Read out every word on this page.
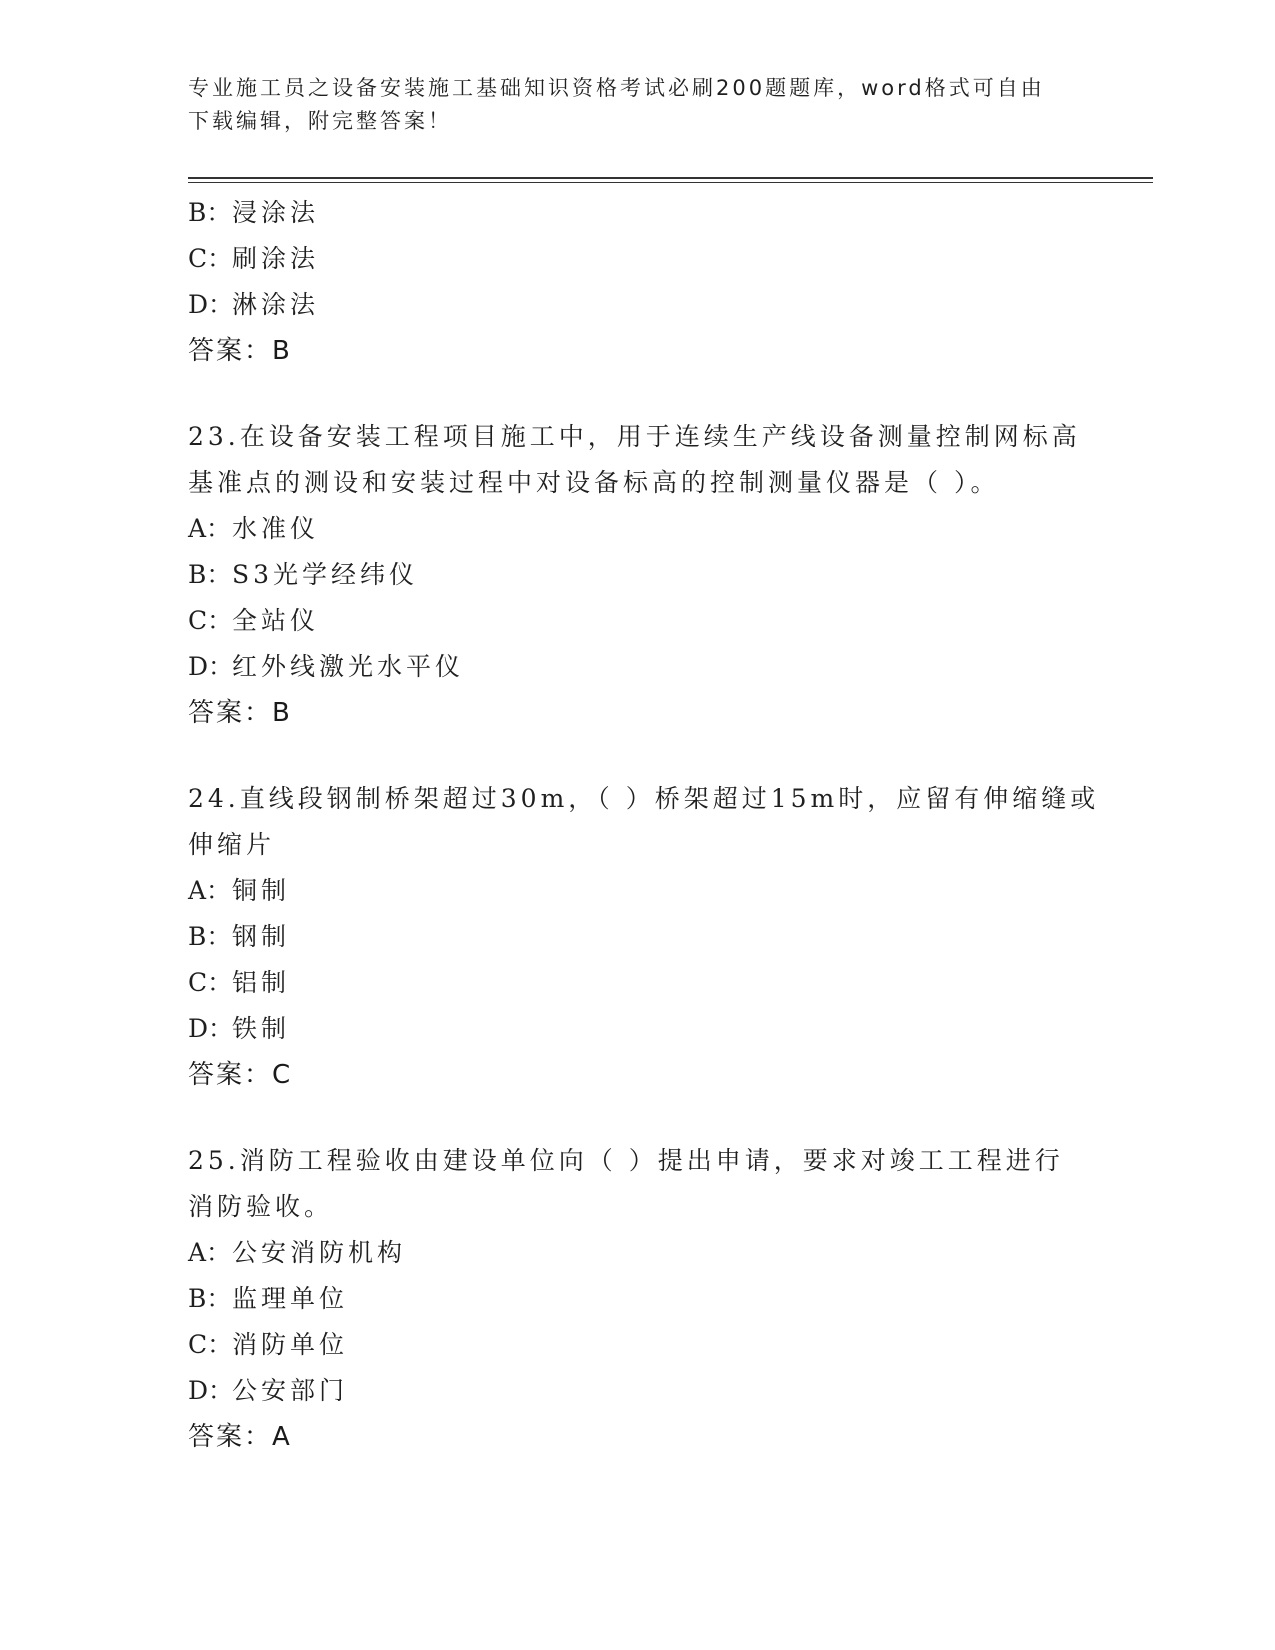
专业施工员之设备安装施工基础知识资格考试必刷200题题库，word格式可自由
下载编辑，附完整答案！
B：浸涂法
C：刷涂法
D：淋涂法
答案：B
23.在设备安装工程项目施工中，用于连续生产线设备测量控制网标高
基准点的测设和安装过程中对设备标高的控制测量仪器是（ ）。
A：水准仪
B：S3光学经纬仪
C：全站仪
D：红外线激光水平仪
答案：B
24.直线段钢制桥架超过30m，（ ）桥架超过15m时，应留有伸缩缝或
伸缩片
A：铜制
B：钢制
C：铝制
D：铁制
答案：C
25.消防工程验收由建设单位向（ ）提出申请，要求对竣工工程进行
消防验收。
A：公安消防机构
B：监理单位
C：消防单位
D：公安部门
答案：A
